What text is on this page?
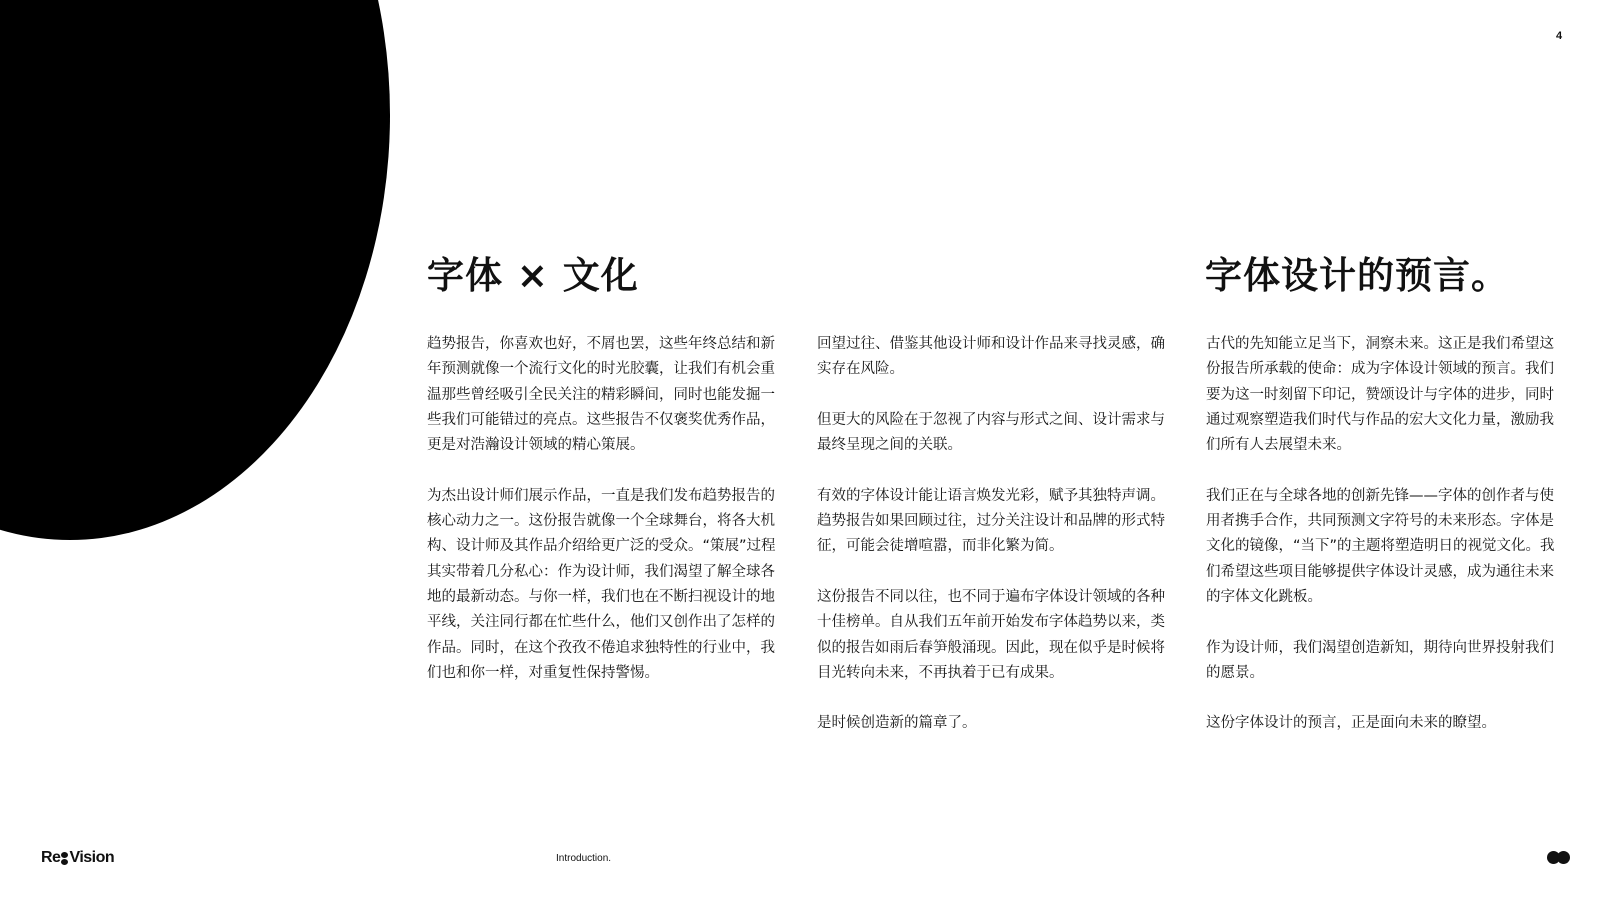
4
字体 × 文化	字体设计的预言。

趋势报告，你喜欢也好，不屑也罢，这些年终总结和新年预测就像一个流行文化的时光胶囊，让我们有机会重温那些曾经吸引全民关注的精彩瞬间，同时也能发掘一些我们可能错过的亮点。这些报告不仅褒奖优秀作品，更是对浩瀚设计领域的精心策展。

为杰出设计师们展示作品，一直是我们发布趋势报告的核心动力之一。这份报告就像一个全球舞台，将各大机构、设计师及其作品介绍给更广泛的受众。“策展”过程其实带着几分私心：作为设计师，我们渴望了解全球各地的最新动态。与你一样，我们也在不断扫视设计的地平线，关注同行都在忙些什么，他们又创作出了怎样的作品。同时，在这个孜孜不倦追求独特性的行业中，我们也和你一样，对重复性保持警惕。

回望过往、借鉴其他设计师和设计作品来寻找灵感，确实存在风险。

但更大的风险在于忽视了内容与形式之间、设计需求与最终呈现之间的关联。

有效的字体设计能让语言焕发光彩，赋予其独特声调。趋势报告如果回顾过往，过分关注设计和品牌的形式特征，可能会徒增喧嚣，而非化繁为简。

这份报告不同以往，也不同于遍布字体设计领域的各种十佳榜单。自从我们五年前开始发布字体趋势以来，类似的报告如雨后春笋般涌现。因此，现在似乎是时候将目光转向未来，不再执着于已有成果。

是时候创造新的篇章了。

古代的先知能立足当下，洞察未来。这正是我们希望这份报告所承载的使命：成为字体设计领域的预言。我们要为这一时刻留下印记，赞颂设计与字体的进步，同时通过观察塑造我们时代与作品的宏大文化力量，激励我们所有人去展望未来。

我们正在与全球各地的创新先锋——字体的创作者与使用者携手合作，共同预测文字符号的未来形态。字体是文化的镜像，“当下”的主题将塑造明日的视觉文化。我们希望这些项目能够提供字体设计灵感，成为通往未来的字体文化跳板。

作为设计师，我们渴望创造新知，期待向世界投射我们的愿景。

这份字体设计的预言，正是面向未来的瞭望。

Re Vision	Introduction.
